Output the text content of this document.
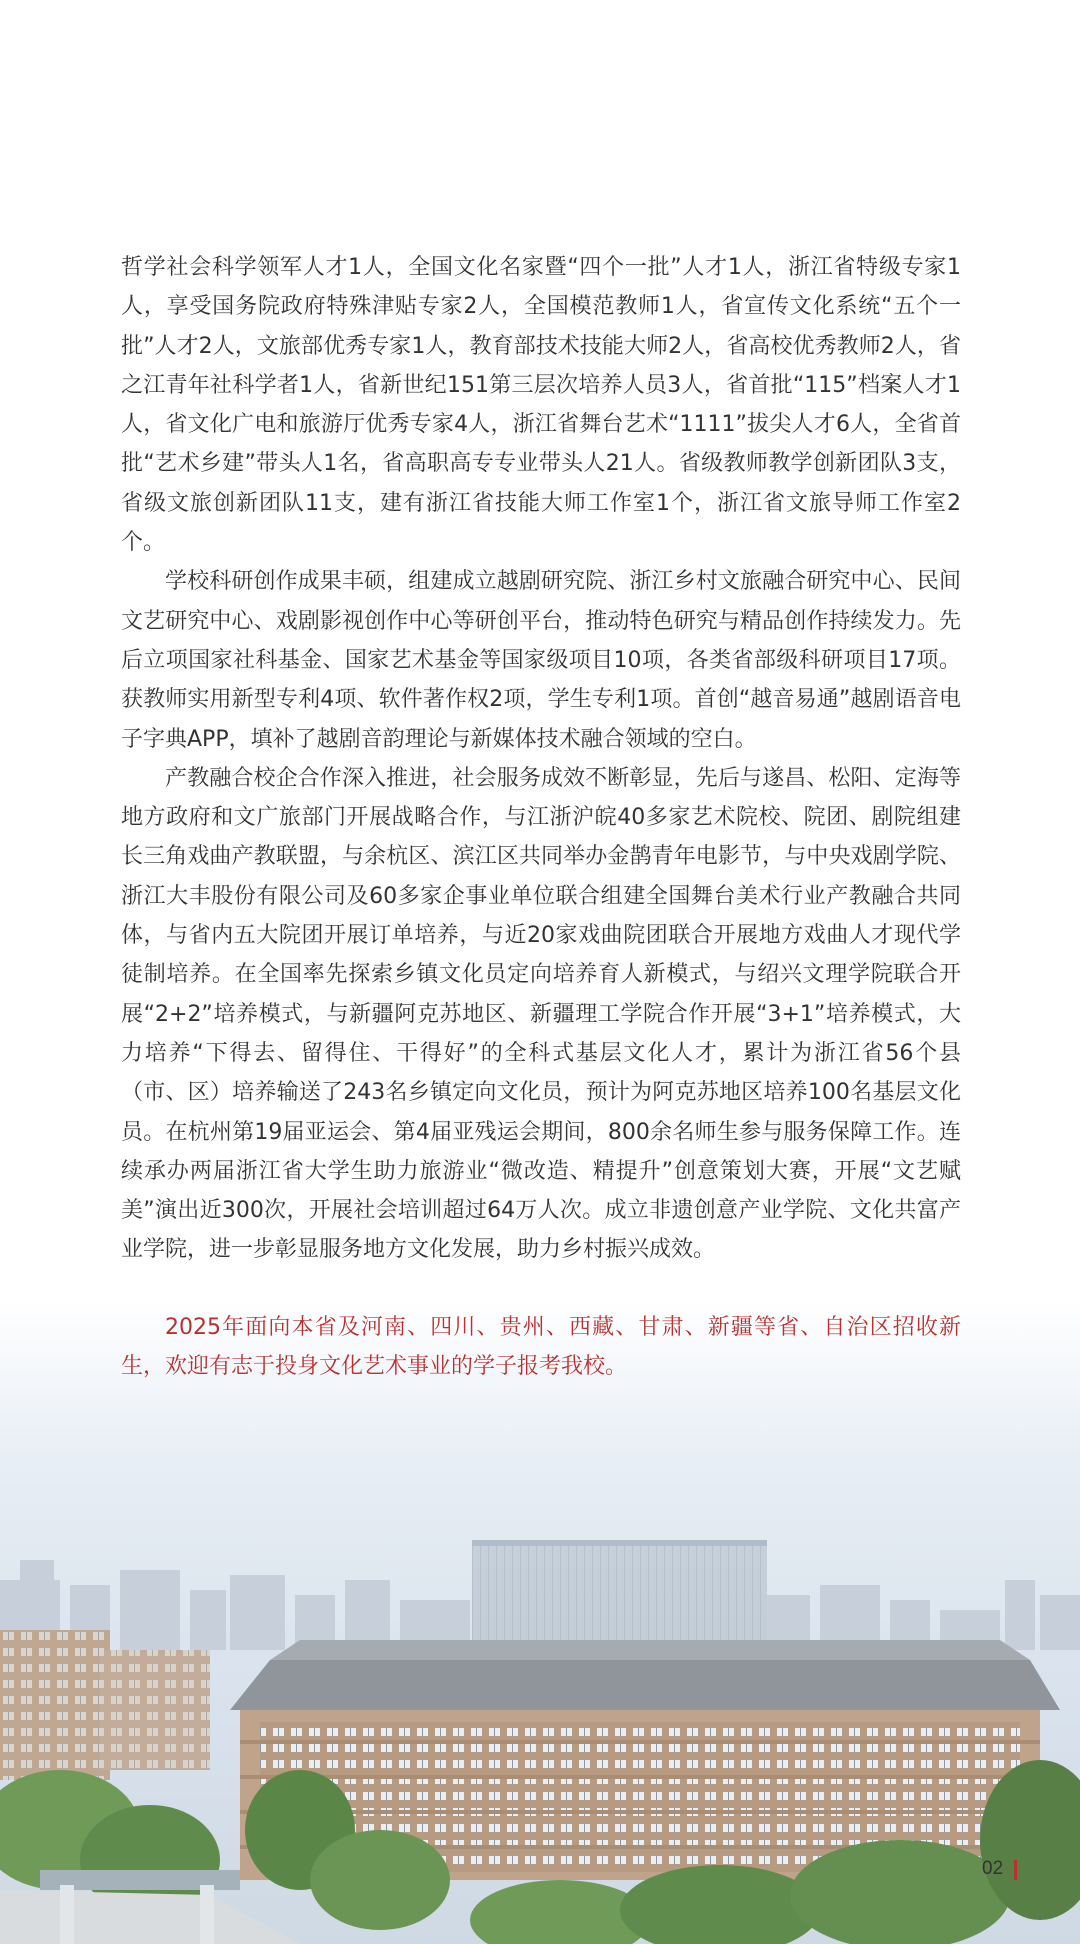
哲学社会科学领军人才1人，全国文化名家暨“四个一批”人才1人，浙江省特级专家1人，享受国务院政府特殊津贴专家2人，全国模范教师1人，省宣传文化系统“五个一批”人才2人，文旅部优秀专家1人，教育部技术技能大师2人，省高校优秀教师2人，省之江青年社科学者1人，省新世纪151第三层次培养人员3人，省首批“115”档案人才1人，省文化广电和旅游厅优秀专家4人，浙江省舞台艺术“1111”拔尖人才6人，全省首批“艺术乡建”带头人1名，省高职高专专业带头人21人。省级教师教学创新团队3支，省级文旅创新团队11支，建有浙江省技能大师工作室1个，浙江省文旅导师工作室2个。

学校科研创作成果丰硕，组建成立越剧研究院、浙江乡村文旅融合研究中心、民间文艺研究中心、戏剧影视创作中心等研创平台，推动特色研究与精品创作持续发力。先后立项国家社科基金、国家艺术基金等国家级项目10项，各类省部级科研项目17项。获教师实用新型专利4项、软件著作权2项，学生专利1项。首创“越音易通”越剧语音电子字典APP，填补了越剧音韵理论与新媒体技术融合领域的空白。

产教融合校企合作深入推进，社会服务成效不断彰显，先后与遂昌、松阳、定海等地方政府和文广旅部门开展战略合作，与江浙沪皖40多家艺术院校、院团、剧院组建长三角戏曲产教联盟，与余杭区、滨江区共同举办金鹊青年电影节，与中央戏剧学院、浙江大丰股份有限公司及60多家企事业单位联合组建全国舞台美术行业产教融合共同体，与省内五大院团开展订单培养，与近20家戏曲院团联合开展地方戏曲人才现代学徒制培养。在全国率先探索乡镇文化员定向培养育人新模式，与绍兴文理学院联合开展“2+2”培养模式，与新疆阿克苏地区、新疆理工学院合作开展“3+1”培养模式，大力培养“下得去、留得住、干得好”的全科式基层文化人才，累计为浙江省56个县（市、区）培养输送了243名乡镇定向文化员，预计为阿克苏地区培养100名基层文化员。在杭州第19届亚运会、第4届亚残运会期间，800余名师生参与服务保障工作。连续承办两届浙江省大学生助力旅游业“微改造、精提升”创意策划大赛，开展“文艺赋美”演出近300次，开展社会培训超过64万人次。成立非遗创意产业学院、文化共富产业学院，进一步彰显服务地方文化发展，助力乡村振兴成效。

2025年面向本省及河南、四川、贵州、西藏、甘肃、新疆等省、自治区招收新生，欢迎有志于投身文化艺术事业的学子报考我校。

02
